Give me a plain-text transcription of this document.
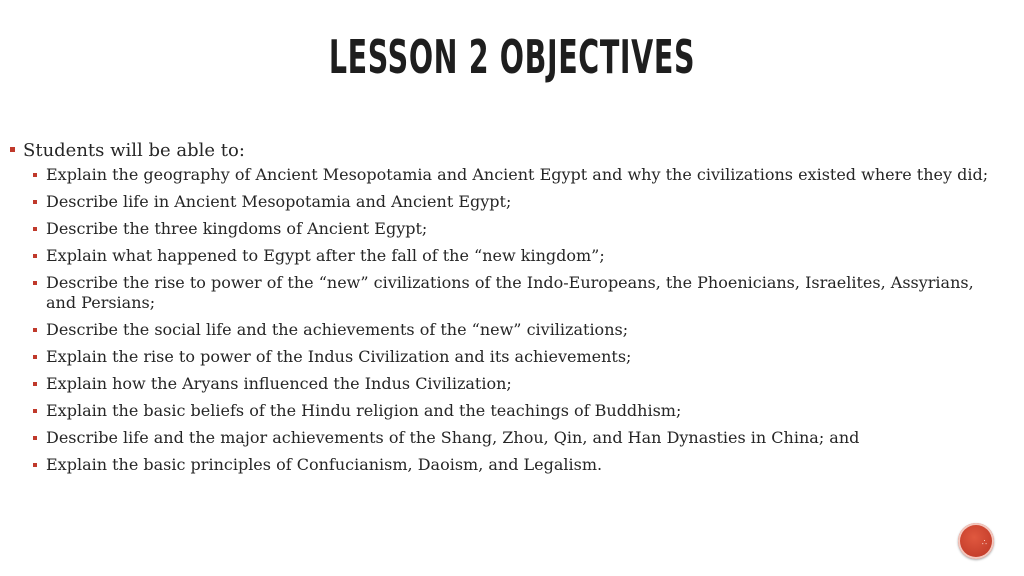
LESSON 2 OBJECTIVES
Students will be able to:
Explain the geography of Ancient Mesopotamia and Ancient Egypt and why the civilizations existed where they did;
Describe life in Ancient Mesopotamia and Ancient Egypt;
Describe the three kingdoms of Ancient Egypt;
Explain what happened to Egypt after the fall of the “new kingdom”;
Describe the rise to power of the “new” civilizations of the Indo-Europeans, the Phoenicians, Israelites, Assyrians, and Persians;
Describe the social life and the achievements of the “new” civilizations;
Explain the rise to power of the Indus Civilization and its achievements;
Explain how the Aryans influenced the Indus Civilization;
Explain the basic beliefs of the Hindu religion and the teachings of Buddhism;
Describe life and the major achievements of the Shang, Zhou, Qin, and Han Dynasties in China; and
Explain the basic principles of Confucianism, Daoism, and Legalism.
∴
